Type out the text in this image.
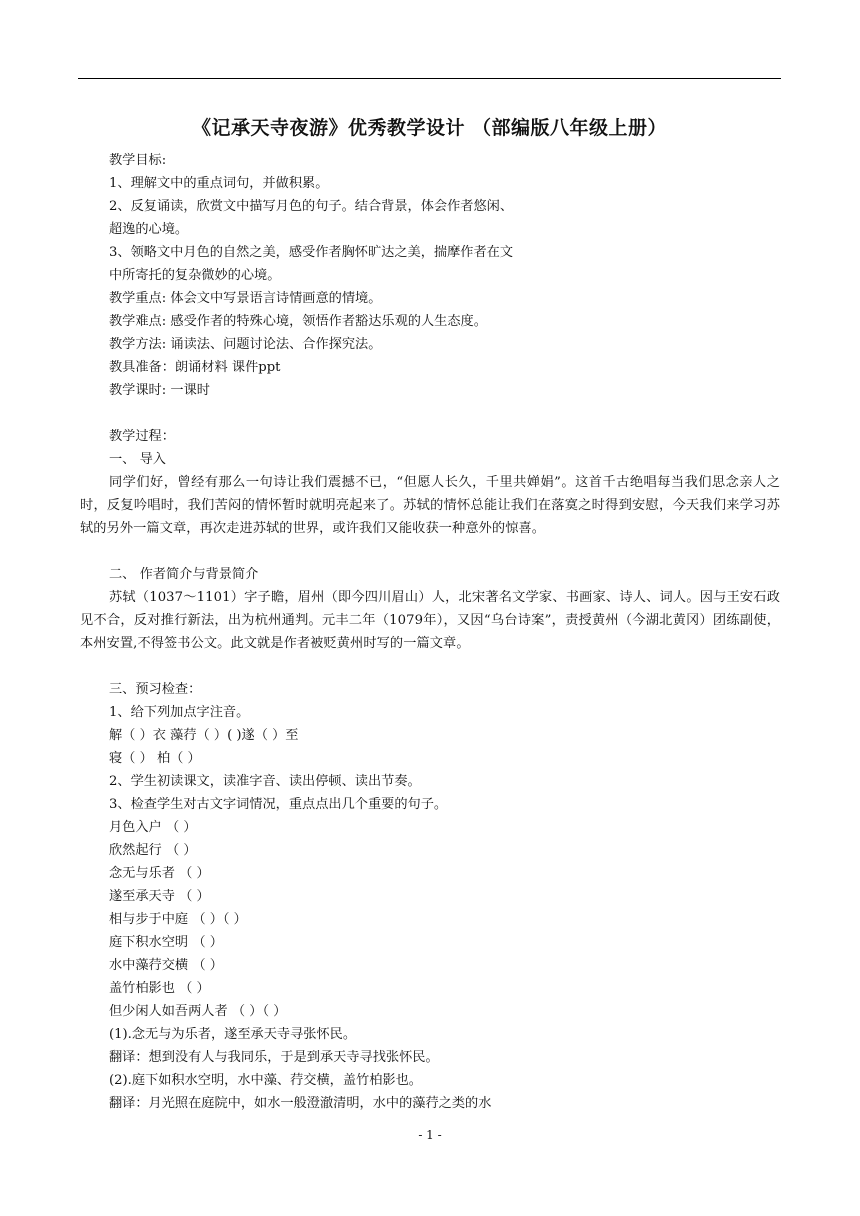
《记承天寺夜游》优秀教学设计 （部编版八年级上册）
教学目标:
1、理解文中的重点词句，并做积累。
2、反复诵读，欣赏文中描写月色的句子。结合背景，体会作者悠闲、
超逸的心境。
3、领略文中月色的自然之美，感受作者胸怀旷达之美，揣摩作者在文
中所寄托的复杂微妙的心境。
教学重点: 体会文中写景语言诗情画意的情境。
教学难点: 感受作者的特殊心境，领悟作者豁达乐观的人生态度。
教学方法: 诵读法、问题讨论法、合作探究法。
教具准备：朗诵材料 课件ppt
教学课时: 一课时
教学过程：
一、 导入

同学们好，曾经有那么一句诗让我们震撼不已，“但愿人长久，千里共婵娟”。这首千古绝唱每当我们思念亲人之时，反复吟唱时，我们苦闷的情怀暂时就明亮起来了。苏轼的情怀总能让我们在落寞之时得到安慰，今天我们来学习苏轼的另外一篇文章，再次走进苏轼的世界，或许我们又能收获一种意外的惊喜。

二、 作者简介与背景简介

苏轼（1037～1101）字子瞻，眉州（即今四川眉山）人，北宋著名文学家、书画家、诗人、词人。因与王安石政见不合，反对推行新法，出为杭州通判。元丰二年（1079年），又因“乌台诗案”，责授黄州（今湖北黄冈）团练副使，本州安置,不得签书公文。此文就是作者被贬黄州时写的一篇文章。

三、预习检查：
1、给下列加点字注音。
解（ ）衣 藻荇（ ）( )遂（ ）至
寝（ ） 柏（ ）
2、学生初读课文，读准字音、读出停顿、读出节奏。
3、检查学生对古文字词情况，重点点出几个重要的句子。
月色入户 （ ）
欣然起行 （ ）
念无与乐者 （ ）
遂至承天寺 （ ）
相与步于中庭 （ ）（ ）
庭下积水空明 （ ）
水中藻荇交横 （ ）
盖竹柏影也 （ ）
但少闲人如吾两人者 （ ）（ ）
(1).念无与为乐者，遂至承天寺寻张怀民。
翻译：想到没有人与我同乐，于是到承天寺寻找张怀民。
(2).庭下如积水空明，水中藻、荇交横，盖竹柏影也。
翻译：月光照在庭院中，如水一般澄澈清明，水中的藻荇之类的水
- 1 -
